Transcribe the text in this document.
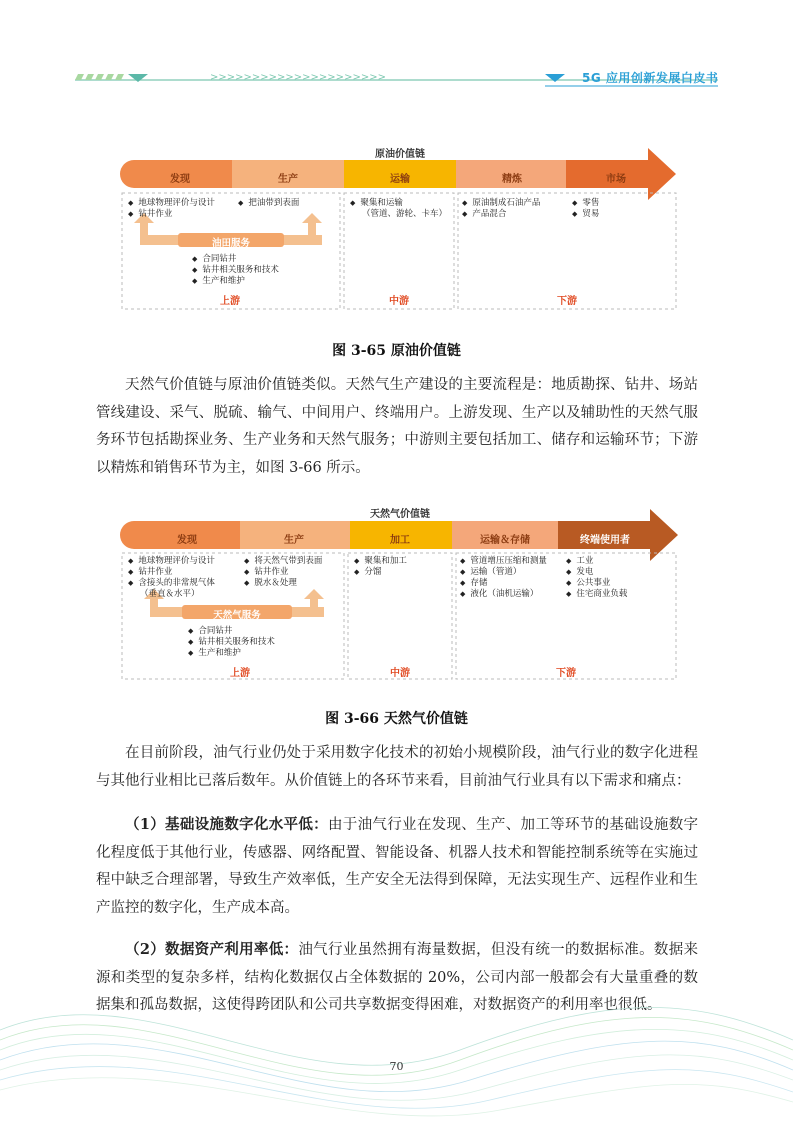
>>>>>>>>>>>>>>>>>>>>>	5G 应用创新发展白皮书
原油价值链
发现	生产	运输	精炼	市场
◆ 地球物理评价与设计
◆ 钻井作业
◆ 把油带到表面
◆	聚集和运输
（管道、游轮、卡车）
◆ 原油制成石油产品
◆ 产品混合
◆ 零售
◆ 贸易
油田服务
◆ 合同钻井
◆ 钻井相关服务和技术
◆ 生产和维护
上游	中游	下游
图 3-65 原油价值链

天然气价值链与原油价值链类似。天然气生产建设的主要流程是：地质勘探、钻井、场站管线建设、采气、脱硫、输气、中间用户、终端用户。上游发现、生产以及辅助性的天然气服务环节包括勘探业务、生产业务和天然气服务；中游则主要包括加工、储存和运输环节；下游以精炼和销售环节为主，如图 3-66 所示。

天然气价值链
发现	生产	加工	运输＆存储	终端使用者
◆ 地球物理评价与设计
◆ 钻井作业
◆ 含接头的非常规气体
（垂直＆水平）
◆ 将天然气带到表面
◆ 钻井作业
◆ 脱水＆处理
◆ 聚集和加工
◆ 分馏
◆ 管道增压压缩和测量
◆ 运输（管道）
◆ 存储
◆ 液化（油机运输）
◆ 工业
◆ 发电
◆ 公共事业
◆ 住宅商业负载
天然气服务
◆ 合同钻井
◆ 钻井相关服务和技术
◆ 生产和维护
上游	中游	下游
图 3-66 天然气价值链

在目前阶段，油气行业仍处于采用数字化技术的初始小规模阶段，油气行业的数字化进程与其他行业相比已落后数年。从价值链上的各环节来看，目前油气行业具有以下需求和痛点：

（1）基础设施数字化水平低：由于油气行业在发现、生产、加工等环节的基础设施数字化程度低于其他行业，传感器、网络配置、智能设备、机器人技术和智能控制系统等在实施过程中缺乏合理部署，导致生产效率低，生产安全无法得到保障，无法实现生产、远程作业和生产监控的数字化，生产成本高。

（2）数据资产利用率低：油气行业虽然拥有海量数据，但没有统一的数据标准。数据来源和类型的复杂多样，结构化数据仅占全体数据的 20%，公司内部一般都会有大量重叠的数据集和孤岛数据，这使得跨团队和公司共享数据变得困难，对数据资产的利用率也很低。

70
